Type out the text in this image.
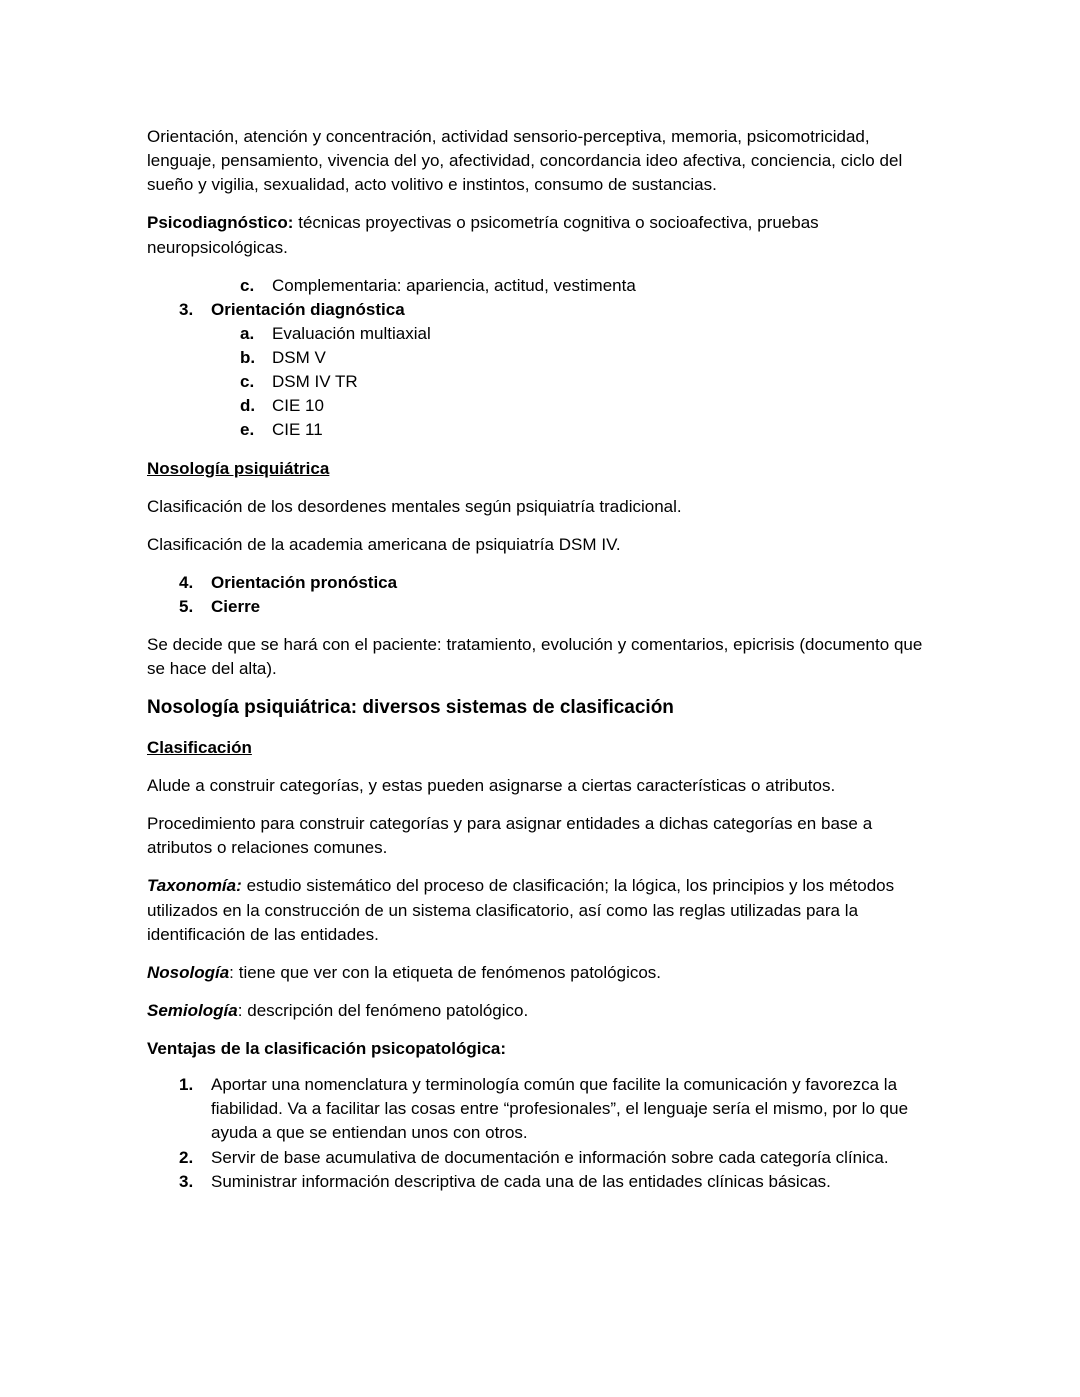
Orientación, atención y concentración, actividad sensorio-perceptiva, memoria, psicomotricidad, lenguaje, pensamiento, vivencia del yo, afectividad, concordancia ideo afectiva, conciencia, ciclo del sueño y vigilia, sexualidad, acto volitivo e instintos, consumo de sustancias.

Psicodiagnóstico: técnicas proyectivas o psicometría cognitiva o socioafectiva, pruebas neuropsicológicas.

c.	Complementaria: apariencia, actitud, vestimenta
3.	Orientación diagnóstica
a.	Evaluación multiaxial
b. DSM V
c.	DSM IV TR
d. CIE 10
e.	CIE 11
Nosología psiquiátrica

Clasificación de los desordenes mentales según psiquiatría tradicional.

Clasificación de la academia americana de psiquiatría DSM IV.

4.	Orientación pronóstica
5.	Cierre

Se decide que se hará con el paciente: tratamiento, evolución y comentarios, epicrisis (documento que se hace del alta).

Nosología psiquiátrica: diversos sistemas de clasificación
Clasificación

Alude a construir categorías, y estas pueden asignarse a ciertas características o atributos.

Procedimiento para construir categorías y para asignar entidades a dichas categorías en base a atributos o relaciones comunes.

Taxonomía: estudio sistemático del proceso de clasificación; la lógica, los principios y los métodos utilizados en la construcción de un sistema clasificatorio, así como las reglas utilizadas para la identificación de las entidades.

Nosología: tiene que ver con la etiqueta de fenómenos patológicos.

Semiología: descripción del fenómeno patológico.

Ventajas de la clasificación psicopatológica:
1.	Aportar una nomenclatura y terminología común que facilite la comunicación y favorezca la fiabilidad. Va a facilitar las cosas entre “profesionales”, el lenguaje sería el mismo, por lo que ayuda a que se entiendan unos con otros.
2.	Servir de base acumulativa de documentación e información sobre cada categoría clínica.
3.	Suministrar información descriptiva de cada una de las entidades clínicas básicas.
